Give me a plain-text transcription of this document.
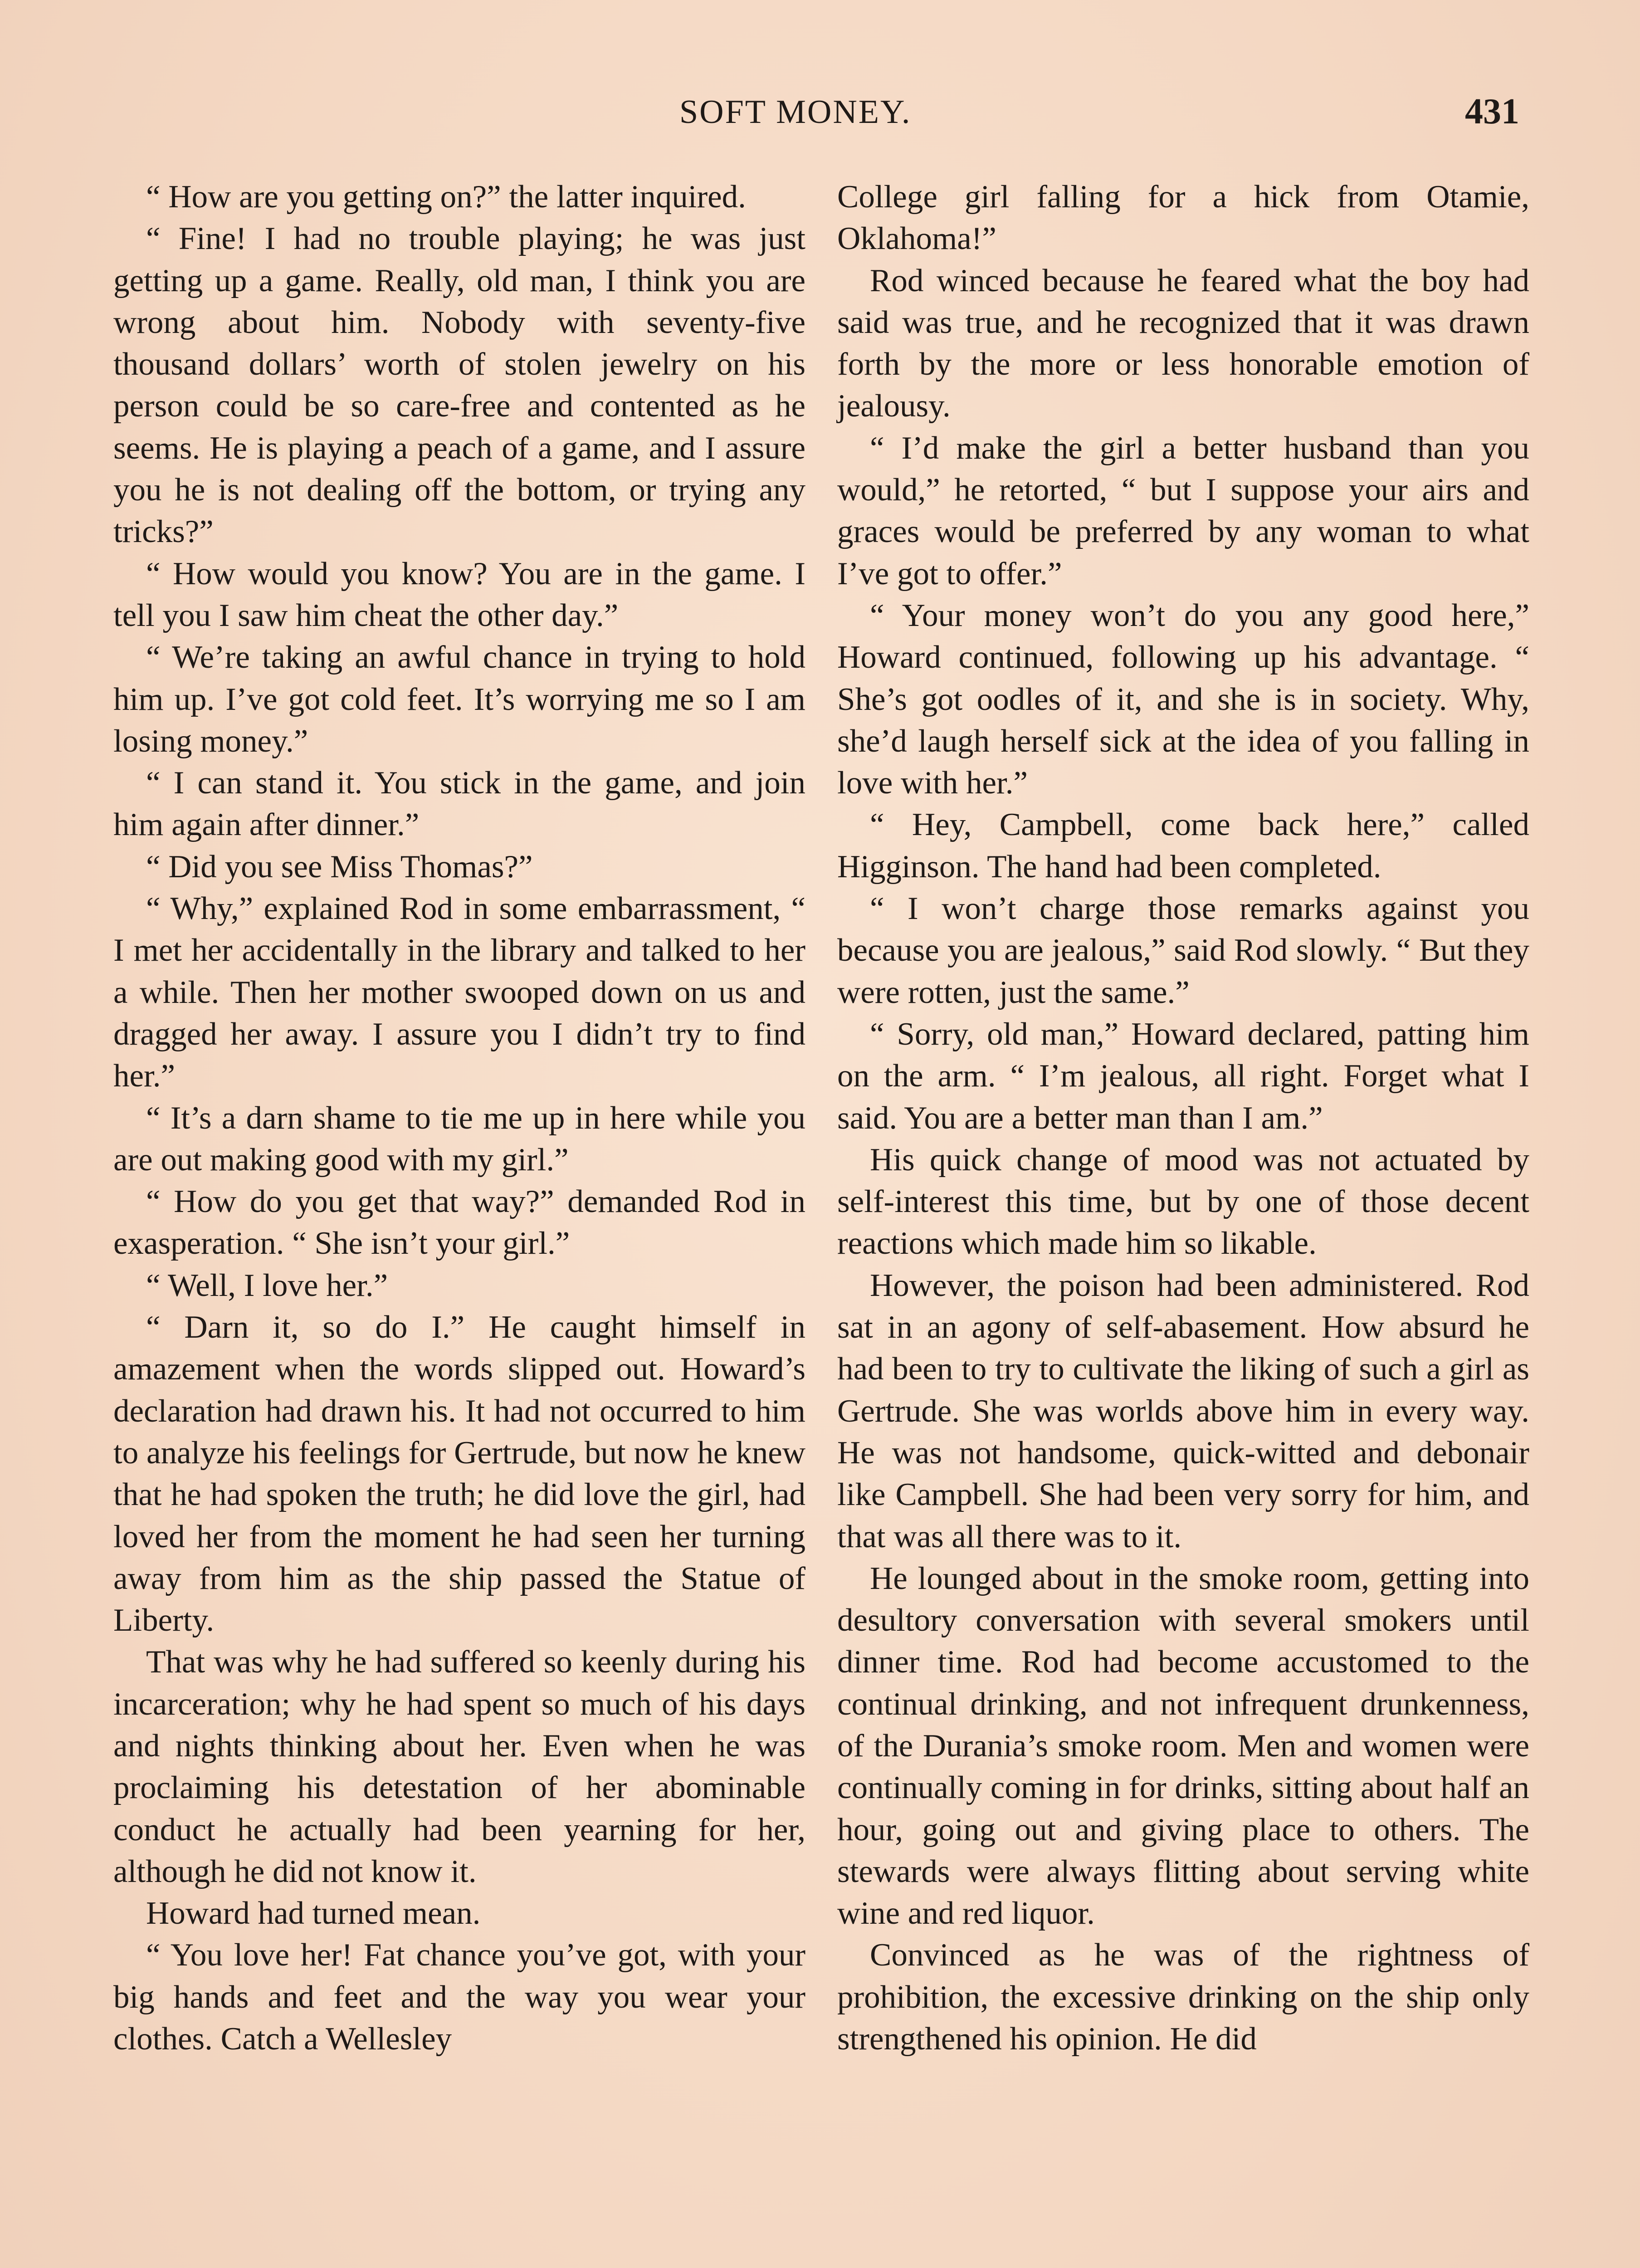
SOFT MONEY.	431

“ How are you getting on?” the latter inquired.

“ Fine! I had no trouble playing; he was just getting up a game. Really, old man, I think you are wrong about him. Nobody with seventy-five thousand dollars’ worth of stolen jewelry on his person could be so care-free and contented as he seems. He is playing a peach of a game, and I assure you he is not dealing off the bottom, or trying any tricks?”

“ How would you know? You are in the game. I tell you I saw him cheat the other day.”

“ We’re taking an awful chance in trying to hold him up. I’ve got cold feet. It’s worrying me so I am losing money.”

“ I can stand it. You stick in the game, and join him again after dinner.”

“ Did you see Miss Thomas?”

“ Why,” explained Rod in some embarrassment, “ I met her accidentally in the library and talked to her a while. Then her mother swooped down on us and dragged her away. I assure you I didn’t try to find her.”

“ It’s a darn shame to tie me up in here while you are out making good with my girl.”

“ How do you get that way?” demanded Rod in exasperation. “ She isn’t your girl.”

“ Well, I love her.”

“ Darn it, so do I.” He caught himself in amazement when the words slipped out. Howard’s declaration had drawn his. It had not occurred to him to analyze his feelings for Gertrude, but now he knew that he had spoken the truth; he did love the girl, had loved her from the moment he had seen her turning away from him as the ship passed the Statue of Liberty.

That was why he had suffered so keenly during his incarceration; why he had spent so much of his days and nights thinking about her. Even when he was proclaiming his detestation of her abominable conduct he actually had been yearning for her, although he did not know it.

Howard had turned mean.

“ You love her! Fat chance you’ve got, with your big hands and feet and the way you wear your clothes. Catch a Wellesley

College girl falling for a hick from Otamie, Oklahoma!”

Rod winced because he feared what the boy had said was true, and he recognized that it was drawn forth by the more or less honorable emotion of jealousy.

“ I’d make the girl a better husband than you would,” he retorted, “ but I suppose your airs and graces would be preferred by any woman to what I’ve got to offer.”

“ Your money won’t do you any good here,” Howard continued, following up his advantage. “ She’s got oodles of it, and she is in society. Why, she’d laugh herself sick at the idea of you falling in love with her.”

“ Hey, Campbell, come back here,” called Higginson. The hand had been completed.

“ I won’t charge those remarks against you because you are jealous,” said Rod slowly. “ But they were rotten, just the same.”

“ Sorry, old man,” Howard declared, patting him on the arm. “ I’m jealous, all right. Forget what I said. You are a better man than I am.”

His quick change of mood was not actuated by self-interest this time, but by one of those decent reactions which made him so likable.

However, the poison had been administered. Rod sat in an agony of self-abasement. How absurd he had been to try to cultivate the liking of such a girl as Gertrude. She was worlds above him in every way. He was not handsome, quick-witted and debonair like Campbell. She had been very sorry for him, and that was all there was to it.

He lounged about in the smoke room, getting into desultory conversation with several smokers until dinner time. Rod had become accustomed to the continual drinking, and not infrequent drunkenness, of the Durania’s smoke room. Men and women were continually coming in for drinks, sitting about half an hour, going out and giving place to others. The stewards were always flitting about serving white wine and red liquor.

Convinced as he was of the rightness of prohibition, the excessive drinking on the ship only strengthened his opinion. He did
